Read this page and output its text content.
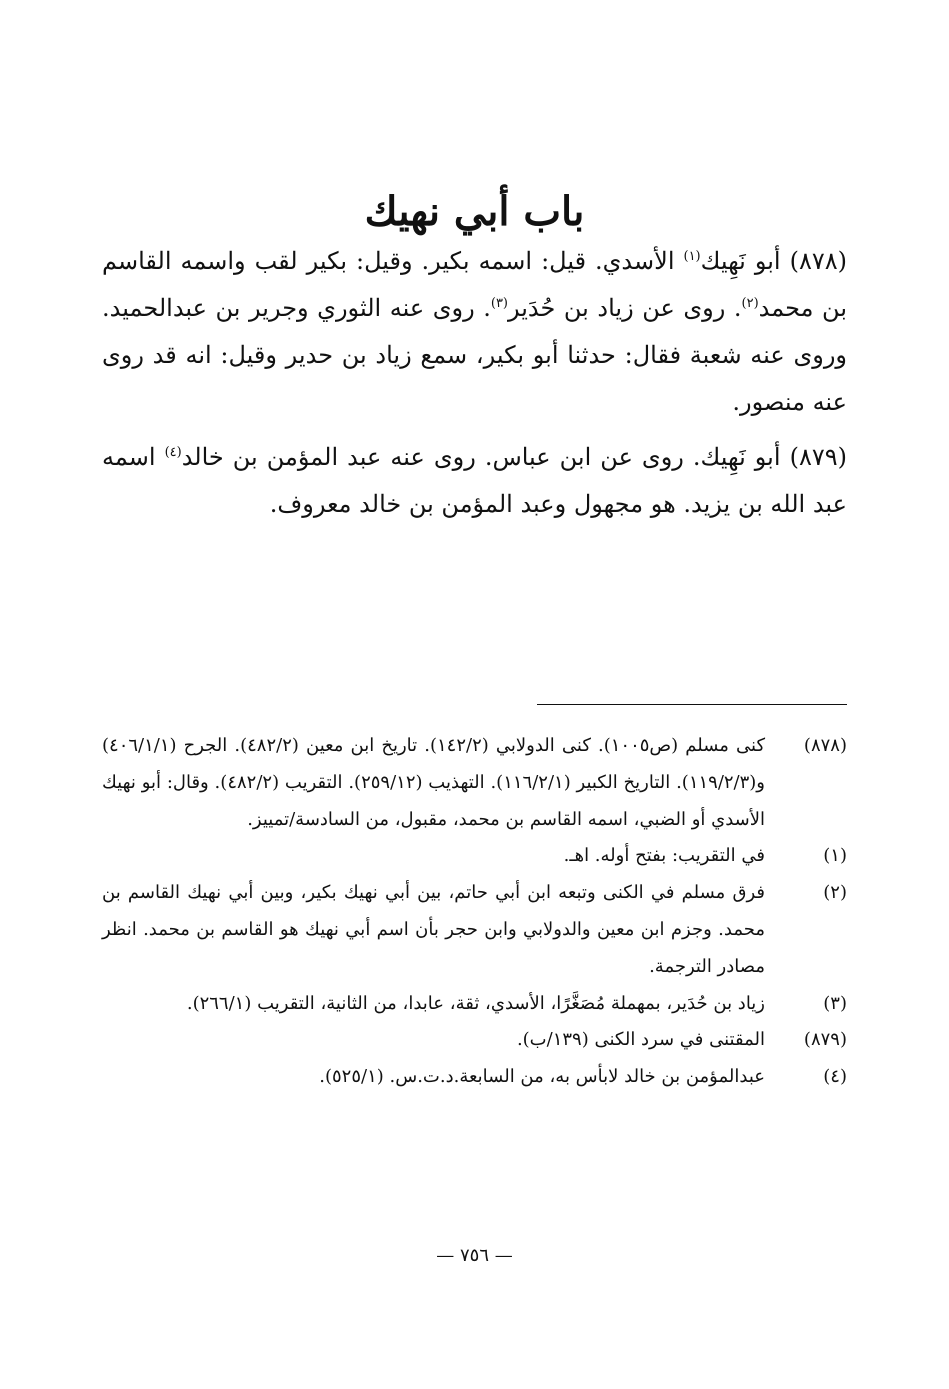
باب أبي نهيك

(٨٧٨) أبو نَهِيك$^{(١)}$ الأسدي. قيل: اسمه بكير. وقيل: بكير لقب واسمه القاسم بن محمد$^{(٢)}$. روى عن زياد بن حُدَير$^{(٣)}$. روى عنه الثوري وجرير بن عبدالحميد. وروى عنه شعبة فقال: حدثنا أبو بكير، سمع زياد بن حدير وقيل: انه قد روى عنه منصور.

(٨٧٩) أبو نَهِيك. روى عن ابن عباس. روى عنه عبد المؤمن بن خالد$^{(٤)}$ اسمه عبد الله بن يزيد. هو مجهول وعبد المؤمن بن خالد معروف.

(٨٧٨)
كنى مسلم (ص١٠٠٥). كنى الدولابي (١٤٢/٢). تاريخ ابن معين (٤٨٢/٢). الجرح (٤٠٦/١/١) و(١١٩/٢/٣). التاريخ الكبير (١١٦/٢/١). التهذيب (٢٥٩/١٢). التقريب (٤٨٢/٢). وقال: أبو نهيك الأسدي أو الضبي، اسمه القاسم بن محمد، مقبول، من السادسة/تمييز.
(١)
في التقريب: بفتح أوله. اهـ.
(٢)
فرق مسلم في الكنى وتبعه ابن أبي حاتم، بين أبي نهيك بكير، وبين أبي نهيك القاسم بن محمد. وجزم ابن معين والدولابي وابن حجر بأن اسم أبي نهيك هو القاسم بن محمد. انظر مصادر الترجمة.
(٣)
زياد بن حُدَير، بمهملة مُصَغَّرًا، الأسدي، ثقة، عابدا، من الثانية، التقريب (٢٦٦/١).
(٨٧٩)
المقتنى في سرد الكنى (١٣٩/ب).
(٤)
عبدالمؤمن بن خالد لابأس به، من السابعة.د.ت.س. (٥٢٥/١).
— ٧٥٦ —
